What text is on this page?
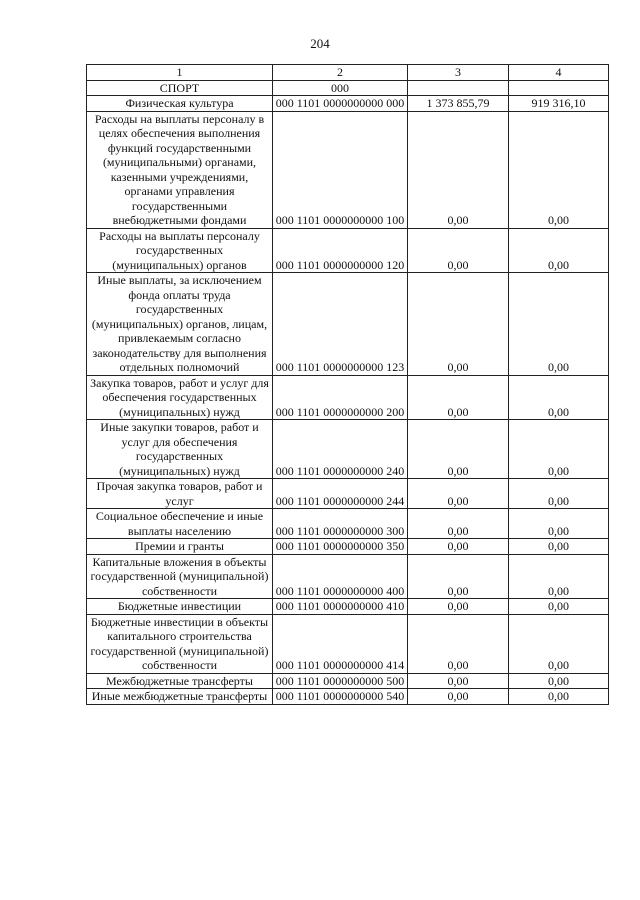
204
1	2	3	4
СПОРТ	000		
Физическая культура	000 1101 0000000000 000	1 373 855,79	919 316,10
Расходы на выплаты персоналу в целях обеспечения выполнения функций государственными (муниципальными) органами, казенными учреждениями, органами управления государственными внебюджетными фондами	000 1101 0000000000 100	0,00	0,00
Расходы на выплаты персоналу государственных (муниципальных) органов	000 1101 0000000000 120	0,00	0,00
Иные выплаты, за исключением фонда оплаты труда государственных (муниципальных) органов, лицам, привлекаемым согласно законодательству для выполнения отдельных полномочий	000 1101 0000000000 123	0,00	0,00
Закупка товаров, работ и услуг для обеспечения государственных (муниципальных) нужд	000 1101 0000000000 200	0,00	0,00
Иные закупки товаров, работ и услуг для обеспечения государственных (муниципальных) нужд	000 1101 0000000000 240	0,00	0,00
Прочая закупка товаров, работ и услуг	000 1101 0000000000 244	0,00	0,00
Социальное обеспечение и иные выплаты населению	000 1101 0000000000 300	0,00	0,00
Премии и гранты	000 1101 0000000000 350	0,00	0,00
Капитальные вложения в объекты государственной (муниципальной) собственности	000 1101 0000000000 400	0,00	0,00
Бюджетные инвестиции	000 1101 0000000000 410	0,00	0,00
Бюджетные инвестиции в объекты капитального строительства государственной (муниципальной) собственности	000 1101 0000000000 414	0,00	0,00
Межбюджетные трансферты	000 1101 0000000000 500	0,00	0,00
Иные межбюджетные трансферты	000 1101 0000000000 540	0,00	0,00
